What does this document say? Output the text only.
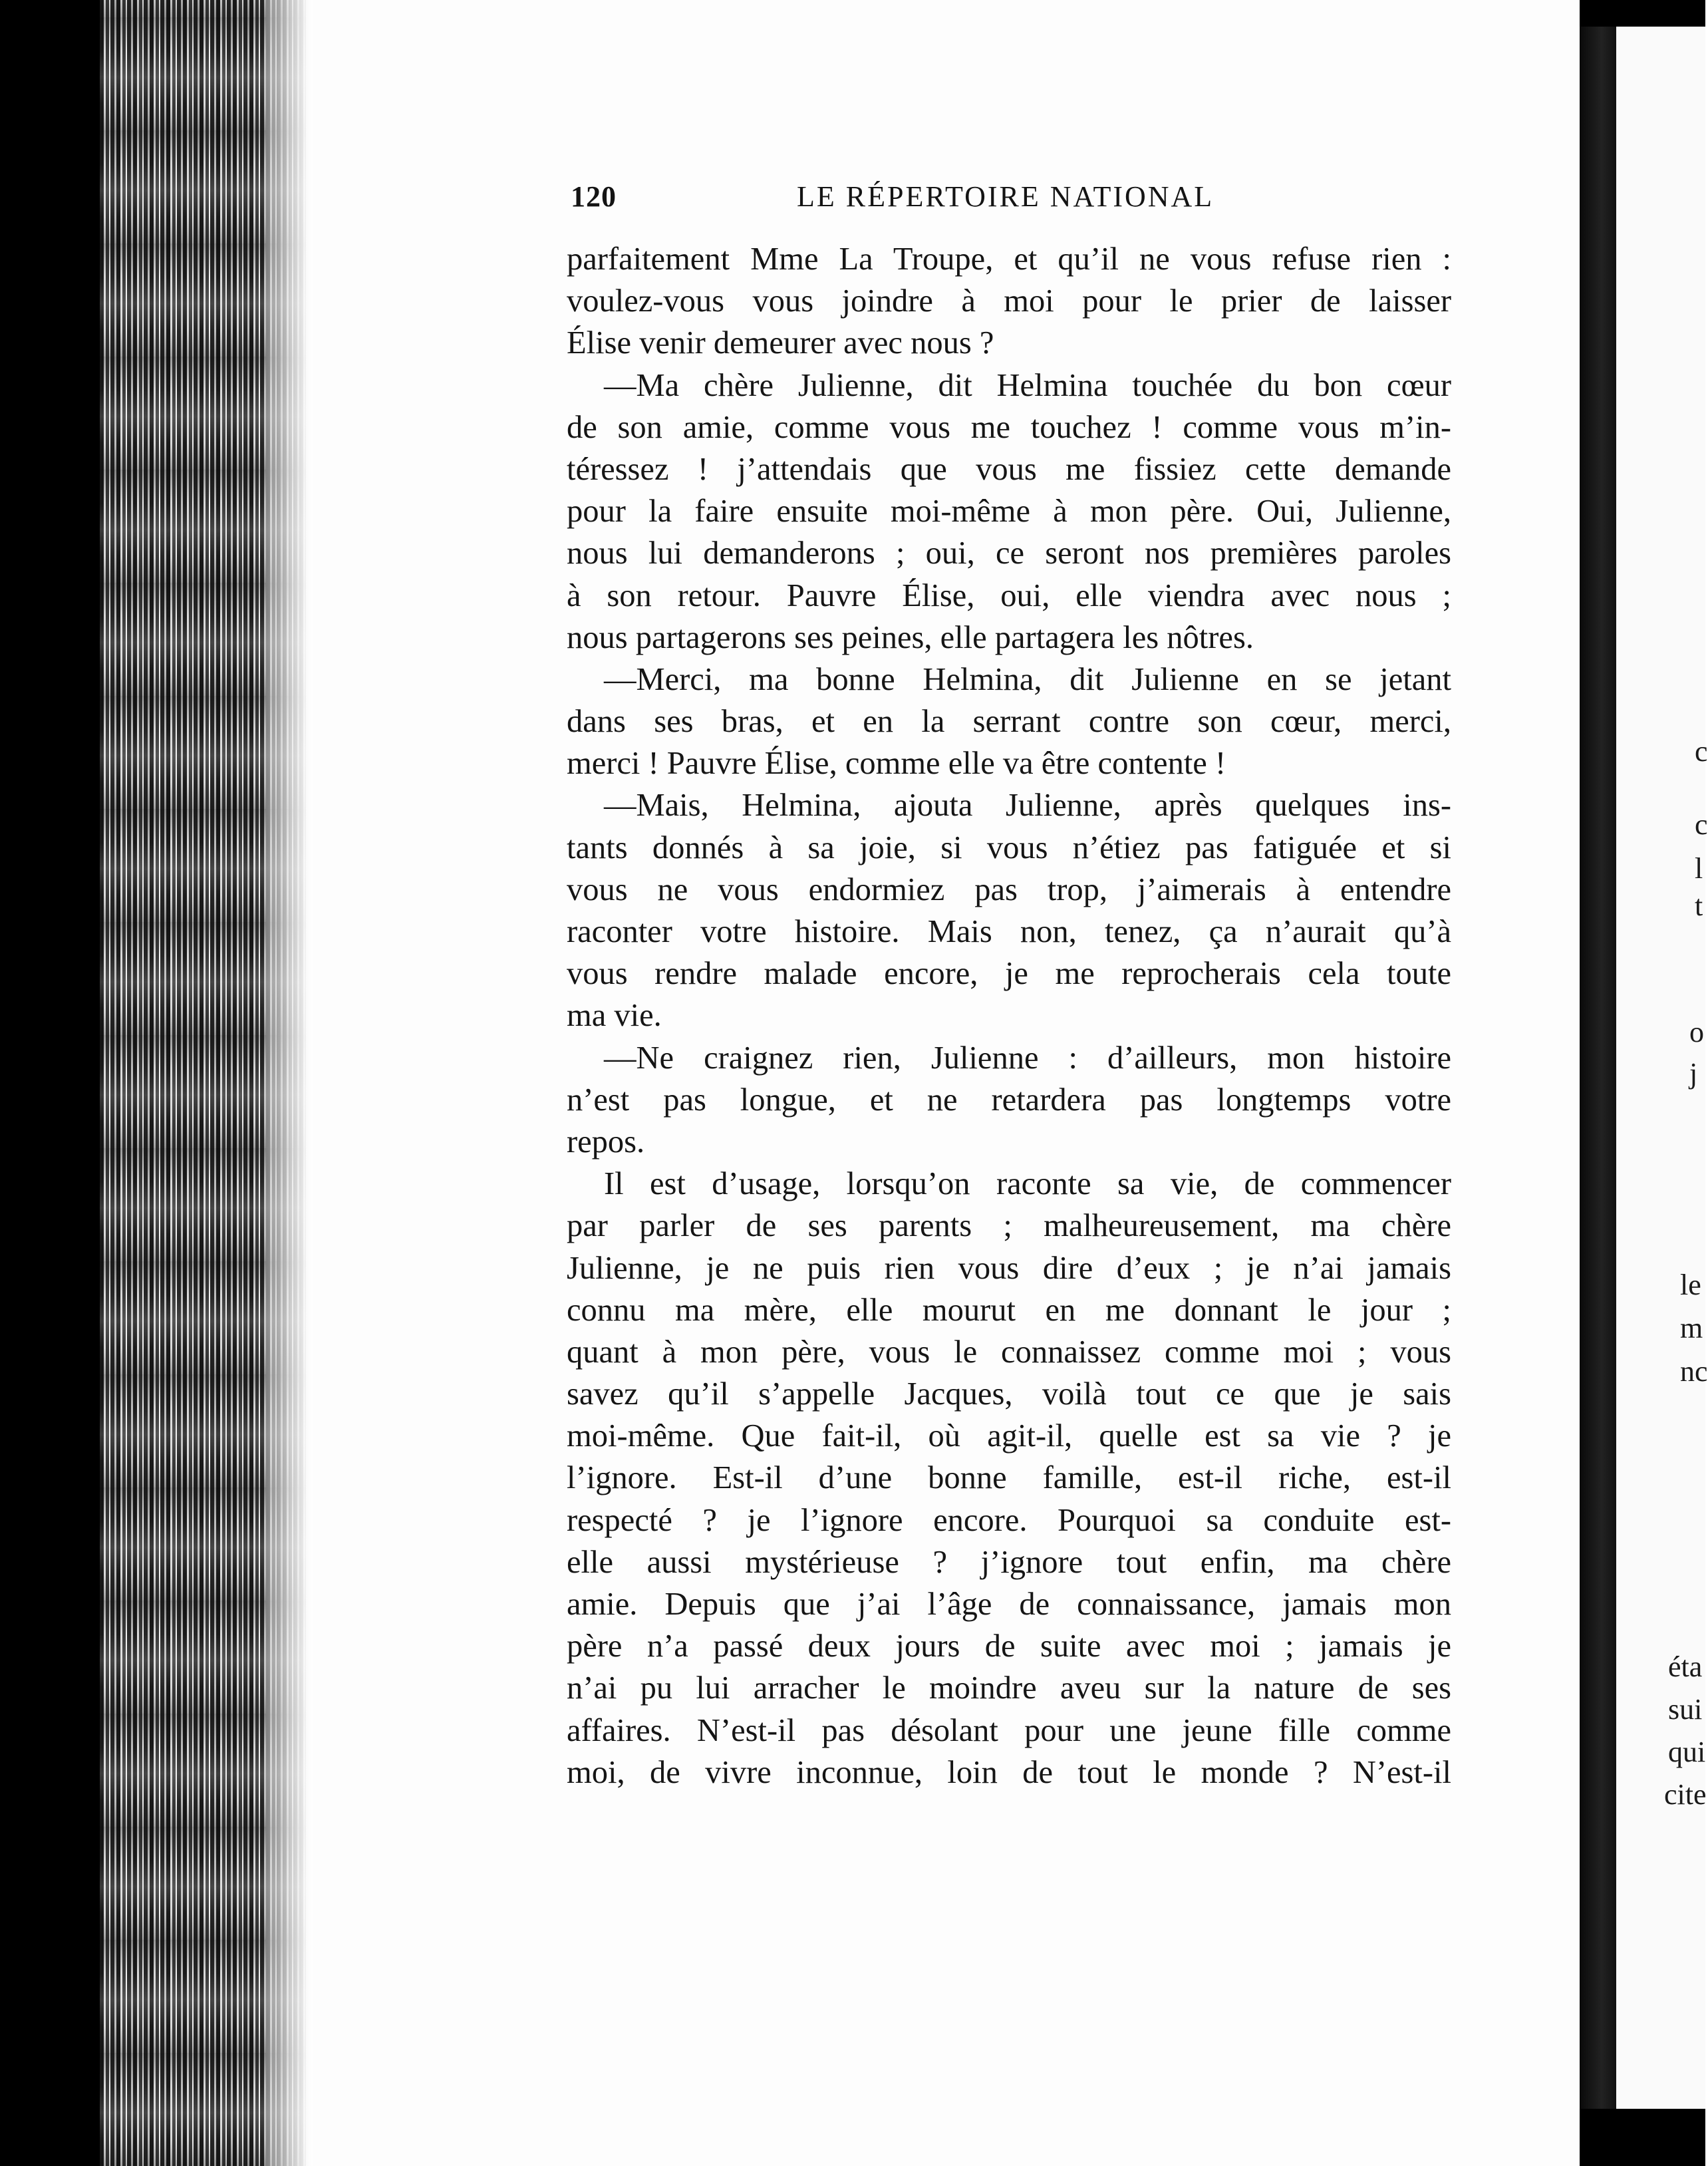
c
c
l
t
o
j
le
m
nc
éta
sui
qui
cite
120	LE RÉPERTOIRE NATIONAL
parfaitement Mme La Troupe, et qu’il ne vous refuse rien :
voulez-vous vous joindre à moi pour le prier de laisser
Élise venir demeurer avec nous ?
—Ma chère Julienne, dit Helmina touchée du bon cœur
de son amie, comme vous me touchez ! comme vous m’in-
téressez ! j’attendais que vous me fissiez cette demande
pour la faire ensuite moi-même à mon père. Oui, Julienne,
nous lui demanderons ; oui, ce seront nos premières paroles
à son retour. Pauvre Élise, oui, elle viendra avec nous ;
nous partagerons ses peines, elle partagera les nôtres.
—Merci, ma bonne Helmina, dit Julienne en se jetant
dans ses bras, et en la serrant contre son cœur, merci,
merci ! Pauvre Élise, comme elle va être contente !
—Mais, Helmina, ajouta Julienne, après quelques ins-
tants donnés à sa joie, si vous n’étiez pas fatiguée et si
vous ne vous endormiez pas trop, j’aimerais à entendre
raconter votre histoire. Mais non, tenez, ça n’aurait qu’à
vous rendre malade encore, je me reprocherais cela toute
ma vie.
—Ne craignez rien, Julienne : d’ailleurs, mon histoire
n’est pas longue, et ne retardera pas longtemps votre
repos.
Il est d’usage, lorsqu’on raconte sa vie, de commencer
par parler de ses parents ; malheureusement, ma chère
Julienne, je ne puis rien vous dire d’eux ; je n’ai jamais
connu ma mère, elle mourut en me donnant le jour ;
quant à mon père, vous le connaissez comme moi ; vous
savez qu’il s’appelle Jacques, voilà tout ce que je sais
moi-même. Que fait-il, où agit-il, quelle est sa vie ? je
l’ignore. Est-il d’une bonne famille, est-il riche, est-il
respecté ? je l’ignore encore. Pourquoi sa conduite est-
elle aussi mystérieuse ? j’ignore tout enfin, ma chère
amie. Depuis que j’ai l’âge de connaissance, jamais mon
père n’a passé deux jours de suite avec moi ; jamais je
n’ai pu lui arracher le moindre aveu sur la nature de ses
affaires. N’est-il pas désolant pour une jeune fille comme
moi, de vivre inconnue, loin de tout le monde ? N’est-il
